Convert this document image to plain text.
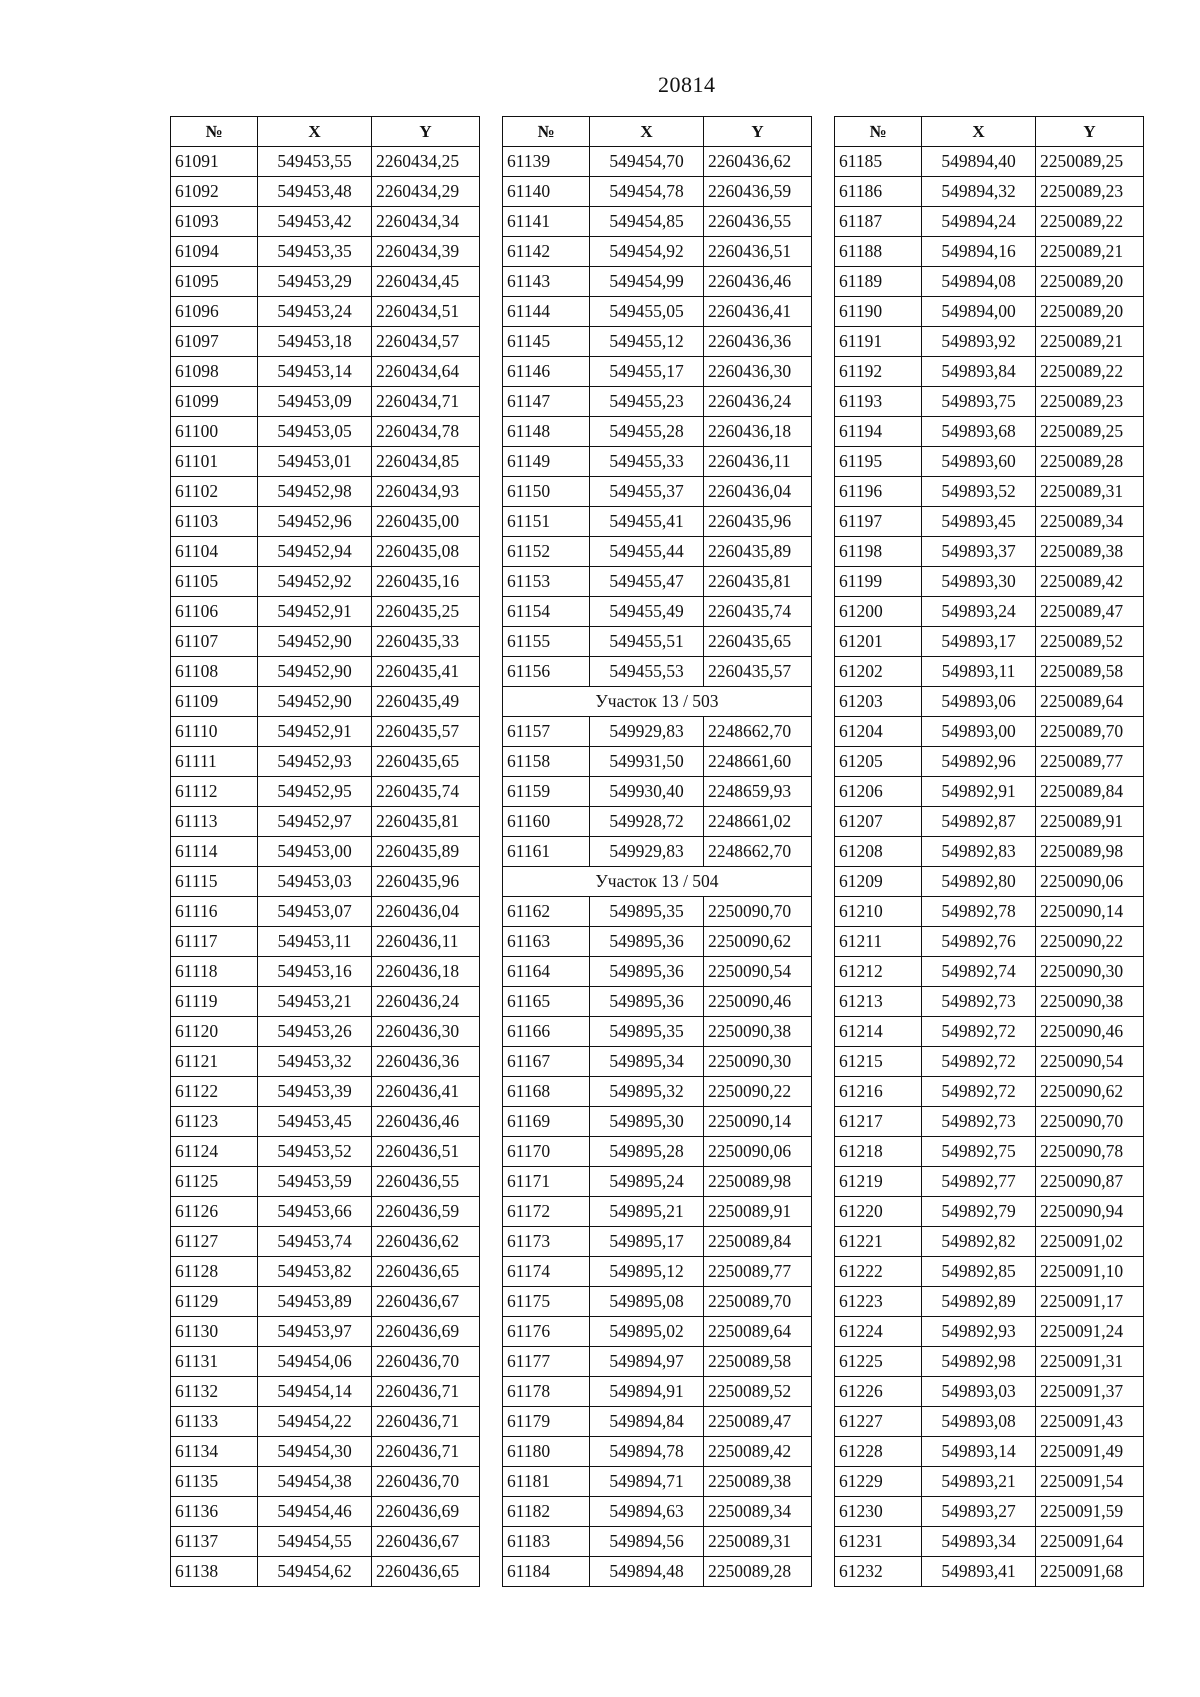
20814
№	X	Y
61091	549453,55	2260434,25
61092	549453,48	2260434,29
61093	549453,42	2260434,34
61094	549453,35	2260434,39
61095	549453,29	2260434,45
61096	549453,24	2260434,51
61097	549453,18	2260434,57
61098	549453,14	2260434,64
61099	549453,09	2260434,71
61100	549453,05	2260434,78
61101	549453,01	2260434,85
61102	549452,98	2260434,93
61103	549452,96	2260435,00
61104	549452,94	2260435,08
61105	549452,92	2260435,16
61106	549452,91	2260435,25
61107	549452,90	2260435,33
61108	549452,90	2260435,41
61109	549452,90	2260435,49
61110	549452,91	2260435,57
61111	549452,93	2260435,65
61112	549452,95	2260435,74
61113	549452,97	2260435,81
61114	549453,00	2260435,89
61115	549453,03	2260435,96
61116	549453,07	2260436,04
61117	549453,11	2260436,11
61118	549453,16	2260436,18
61119	549453,21	2260436,24
61120	549453,26	2260436,30
61121	549453,32	2260436,36
61122	549453,39	2260436,41
61123	549453,45	2260436,46
61124	549453,52	2260436,51
61125	549453,59	2260436,55
61126	549453,66	2260436,59
61127	549453,74	2260436,62
61128	549453,82	2260436,65
61129	549453,89	2260436,67
61130	549453,97	2260436,69
61131	549454,06	2260436,70
61132	549454,14	2260436,71
61133	549454,22	2260436,71
61134	549454,30	2260436,71
61135	549454,38	2260436,70
61136	549454,46	2260436,69
61137	549454,55	2260436,67
61138	549454,62	2260436,65
№	X	Y
61139	549454,70	2260436,62
61140	549454,78	2260436,59
61141	549454,85	2260436,55
61142	549454,92	2260436,51
61143	549454,99	2260436,46
61144	549455,05	2260436,41
61145	549455,12	2260436,36
61146	549455,17	2260436,30
61147	549455,23	2260436,24
61148	549455,28	2260436,18
61149	549455,33	2260436,11
61150	549455,37	2260436,04
61151	549455,41	2260435,96
61152	549455,44	2260435,89
61153	549455,47	2260435,81
61154	549455,49	2260435,74
61155	549455,51	2260435,65
61156	549455,53	2260435,57
Участок 13 / 503		
61157	549929,83	2248662,70
61158	549931,50	2248661,60
61159	549930,40	2248659,93
61160	549928,72	2248661,02
61161	549929,83	2248662,70
Участок 13 / 504		
61162	549895,35	2250090,70
61163	549895,36	2250090,62
61164	549895,36	2250090,54
61165	549895,36	2250090,46
61166	549895,35	2250090,38
61167	549895,34	2250090,30
61168	549895,32	2250090,22
61169	549895,30	2250090,14
61170	549895,28	2250090,06
61171	549895,24	2250089,98
61172	549895,21	2250089,91
61173	549895,17	2250089,84
61174	549895,12	2250089,77
61175	549895,08	2250089,70
61176	549895,02	2250089,64
61177	549894,97	2250089,58
61178	549894,91	2250089,52
61179	549894,84	2250089,47
61180	549894,78	2250089,42
61181	549894,71	2250089,38
61182	549894,63	2250089,34
61183	549894,56	2250089,31
61184	549894,48	2250089,28
№	X	Y
61185	549894,40	2250089,25
61186	549894,32	2250089,23
61187	549894,24	2250089,22
61188	549894,16	2250089,21
61189	549894,08	2250089,20
61190	549894,00	2250089,20
61191	549893,92	2250089,21
61192	549893,84	2250089,22
61193	549893,75	2250089,23
61194	549893,68	2250089,25
61195	549893,60	2250089,28
61196	549893,52	2250089,31
61197	549893,45	2250089,34
61198	549893,37	2250089,38
61199	549893,30	2250089,42
61200	549893,24	2250089,47
61201	549893,17	2250089,52
61202	549893,11	2250089,58
61203	549893,06	2250089,64
61204	549893,00	2250089,70
61205	549892,96	2250089,77
61206	549892,91	2250089,84
61207	549892,87	2250089,91
61208	549892,83	2250089,98
61209	549892,80	2250090,06
61210	549892,78	2250090,14
61211	549892,76	2250090,22
61212	549892,74	2250090,30
61213	549892,73	2250090,38
61214	549892,72	2250090,46
61215	549892,72	2250090,54
61216	549892,72	2250090,62
61217	549892,73	2250090,70
61218	549892,75	2250090,78
61219	549892,77	2250090,87
61220	549892,79	2250090,94
61221	549892,82	2250091,02
61222	549892,85	2250091,10
61223	549892,89	2250091,17
61224	549892,93	2250091,24
61225	549892,98	2250091,31
61226	549893,03	2250091,37
61227	549893,08	2250091,43
61228	549893,14	2250091,49
61229	549893,21	2250091,54
61230	549893,27	2250091,59
61231	549893,34	2250091,64
61232	549893,41	2250091,68
